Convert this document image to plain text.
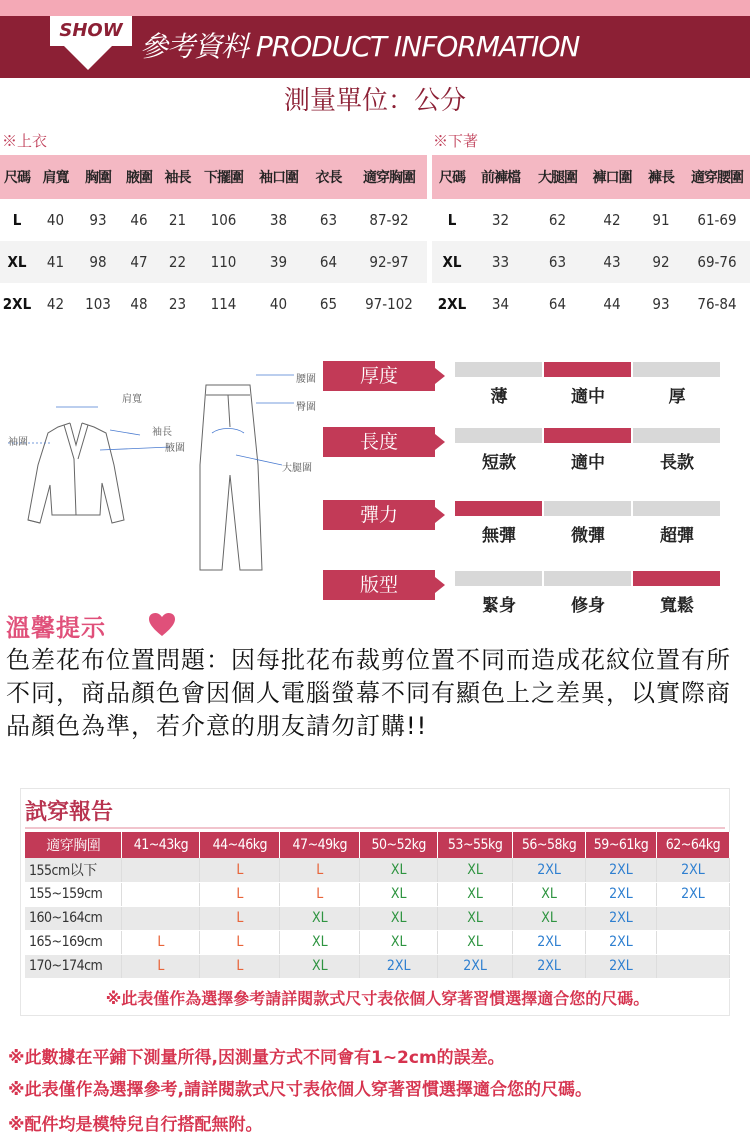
SHOW 參考資料 PRODUCT INFORMATION
測量單位：公分
※上衣
尺碼	肩寬	胸圍	腋圍	袖長	下擺圍	袖口圍	衣長	適穿胸圍
L	40	93	46	21	106	38	63	87-92
XL	41	98	47	22	110	39	64	92-97
2XL	42	103	48	23	114	40	65	97-102
※下著
尺碼	前褲檔	大腿圍	褲口圍	褲長	適穿腰圍
L	32	62	42	91	61-69
XL	33	63	43	92	69-76
2XL	34	64	44	93	76-84
肩寬
袖圍
袖長
腋圍
腰圍
臀圍
大腿圍
厚度
薄	適中	厚
長度
短款	適中	長款
彈力
無彈	微彈	超彈
版型
緊身	修身	寬鬆
溫馨提示
色差花布位置問題：因每批花布裁剪位置不同而造成花紋位置有所不同，商品顏色會因個人電腦螢幕不同有顯色上之差異，以實際商品顏色為準，若介意的朋友請勿訂購!!
試穿報告
適穿胸圍	41~43kg	44~46kg	47~49kg	50~52kg	53~55kg	56~58kg	59~61kg	62~64kg
155cm以下		L	L	XL	XL	2XL	2XL	2XL
155~159cm		L	L	XL	XL	XL	2XL	2XL
160~164cm		L	XL	XL	XL	XL	2XL	
165~169cm	L	L	XL	XL	XL	2XL	2XL	
170~174cm	L	L	XL	2XL	2XL	2XL	2XL	
※此表僅作為選擇參考請詳閱款式尺寸表依個人穿著習慣選擇適合您的尺碼。
※此數據在平鋪下測量所得,因測量方式不同會有1~2cm的誤差。
※此表僅作為選擇參考,請詳閱款式尺寸表依個人穿著習慣選擇適合您的尺碼。
※配件均是模特兒自行搭配無附。
